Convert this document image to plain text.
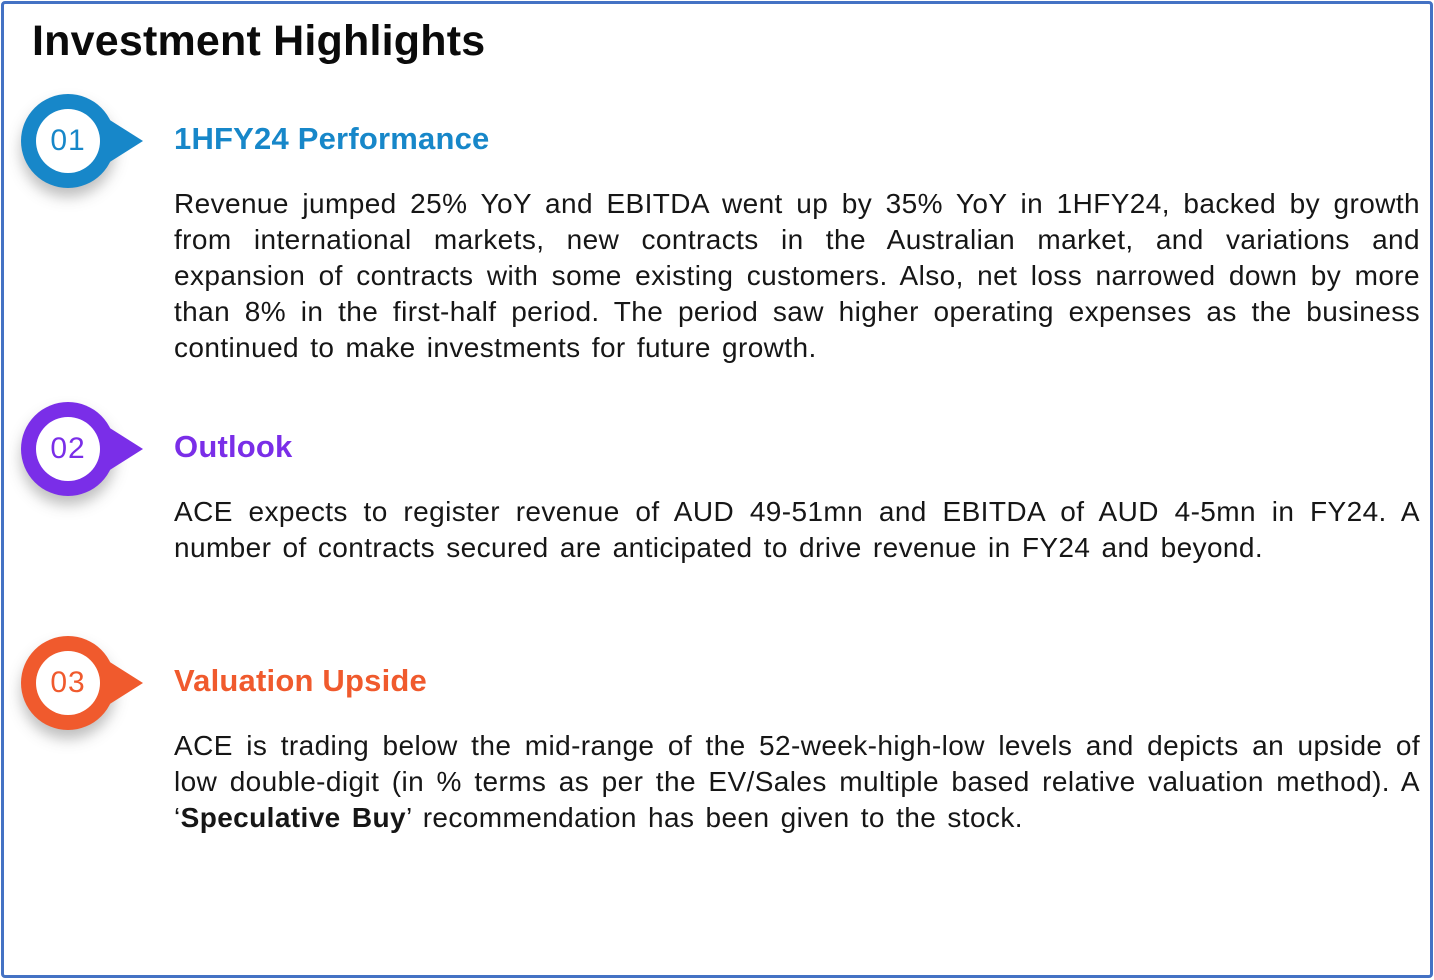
Investment Highlights
01	1HFY24 Performance

Revenue jumped 25% YoY and EBITDA went up by 35% YoY in 1HFY24, backed by growth from international markets, new contracts in the Australian market, and variations and expansion of contracts with some existing customers. Also, net loss narrowed down by more than 8% in the first-half period. The period saw higher operating expenses as the business continued to make investments for future growth.

02	Outlook

ACE expects to register revenue of AUD 49-51mn and EBITDA of AUD 4-5mn in FY24. A number of contracts secured are anticipated to drive revenue in FY24 and beyond.

03	Valuation Upside

ACE is trading below the mid-range of the 52-week-high-low levels and depicts an upside of low double-digit (in % terms as per the EV/Sales multiple based relative valuation method). A ‘Speculative Buy’ recommendation has been given to the stock.
